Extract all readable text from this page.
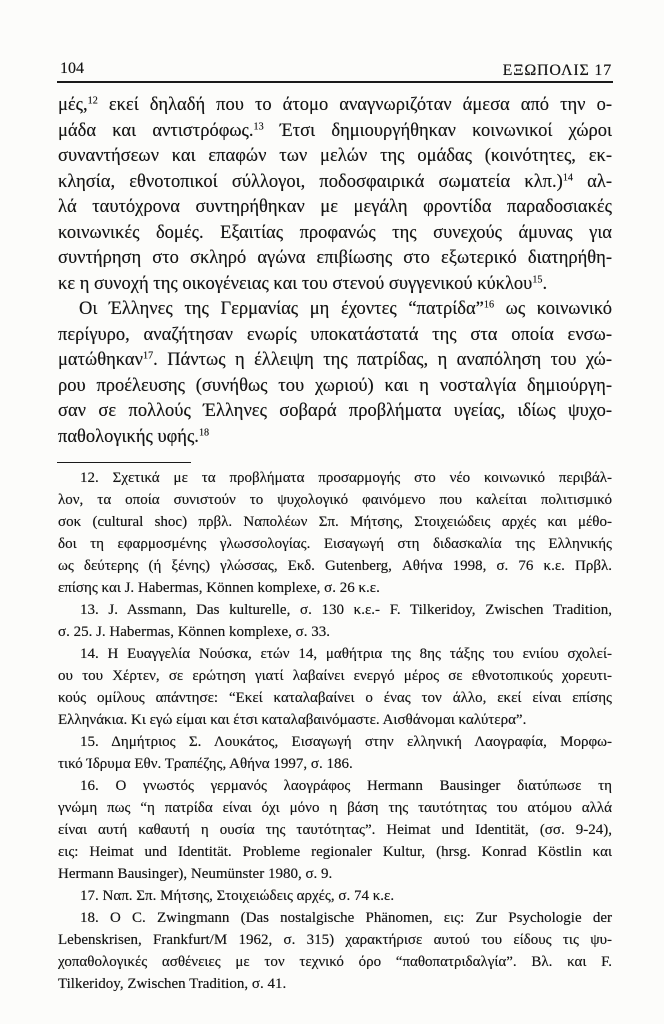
104	ΕΞΩΠΟΛΙΣ 17
μές,$^{12}$ εκεί δηλαδή που το άτομο αναγνωριζόταν άμεσα από την ο-
μάδα και αντιστρόφως.$^{13}$ Έτσι δημιουργήθηκαν κοινωνικοί χώροι
συναντήσεων και επαφών των μελών της ομάδας (κοινότητες, εκ-
κλησία, εθνοτοπικοί σύλλογοι, ποδοσφαιρικά σωματεία κλπ.)$^{14}$ αλ-
λά ταυτόχρονα συντηρήθηκαν με μεγάλη φροντίδα παραδοσιακές
κοινωνικές δομές. Εξαιτίας προφανώς της συνεχούς άμυνας για
συντήρηση στο σκληρό αγώνα επιβίωσης στο εξωτερικό διατηρήθη-
κε η συνοχή της οικογένειας και του στενού συγγενικού κύκλου$^{15}$.
Οι Έλληνες της Γερμανίας μη έχοντες “πατρίδα”$^{16}$ ως κοινωνικό
περίγυρο, αναζήτησαν ενωρίς υποκατάστατά της στα οποία ενσω-
ματώθηκαν$^{17}$. Πάντως η έλλειψη της πατρίδας, η αναπόληση του χώ-
ρου προέλευσης (συνήθως του χωριού) και η νοσταλγία δημιούργη-
σαν σε πολλούς Έλληνες σοβαρά προβλήματα υγείας, ιδίως ψυχο-
παθολογικής υφής.$^{18}$
12. Σχετικά με τα προβλήματα προσαρμογής στο νέο κοινωνικό περιβάλ-
λον, τα οποία συνιστούν το ψυχολογικό φαινόμενο που καλείται πολιτισμικό
σοκ (cultural shoc) πρβλ. Ναπολέων Σπ. Μήτσης, Στοιχειώδεις αρχές και μέθο-
δοι τη εφαρμοσμένης γλωσσολογίας. Εισαγωγή στη διδασκαλία της Ελληνικής
ως δεύτερης (ή ξένης) γλώσσας, Εκδ. Gutenberg, Αθήνα 1998, σ. 76 κ.ε. Πρβλ.
επίσης και J. Habermas, Können komplexe, σ. 26 κ.ε.
13. J. Assmann, Das kulturelle, σ. 130 κ.ε.- F. Tilkeridoy, Zwischen Tradition,
σ. 25. J. Habermas, Können komplexe, σ. 33.
14. Η Ευαγγελία Νούσκα, ετών 14, μαθήτρια της 8ης τάξης του ενιίου σχολεί-
ου του Χέρτεν, σε ερώτηση γιατί λαβαίνει ενεργό μέρος σε εθνοτοπικούς χορευτι-
κούς ομίλους απάντησε: “Εκεί καταλαβαίνει ο ένας τον άλλο, εκεί είναι επίσης
Ελληνάκια. Κι εγώ είμαι και έτσι καταλαβαινόμαστε. Αισθάνομαι καλύτερα”.
15. Δημήτριος Σ. Λουκάτος, Εισαγωγή στην ελληνική Λαογραφία, Μορφω-
τικό Ίδρυμα Εθν. Τραπέζης, Αθήνα 1997, σ. 186.
16. Ο γνωστός γερμανός λαογράφος Hermann Bausinger διατύπωσε τη
γνώμη πως “η πατρίδα είναι όχι μόνο η βάση της ταυτότητας του ατόμου αλλά
είναι αυτή καθαυτή η ουσία της ταυτότητας”. Heimat und Identität, (σσ. 9-24),
εις: Heimat und Identität. Probleme regionaler Kultur, (hrsg. Konrad Köstlin και
Hermann Bausinger), Neumünster 1980, σ. 9.
17. Ναπ. Σπ. Μήτσης, Στοιχειώδεις αρχές, σ. 74 κ.ε.
18. Ο C. Zwingmann (Das nostalgische Phänomen, εις: Zur Psychologie der
Lebenskrisen, Frankfurt/M 1962, σ. 315) χαρακτήρισε αυτού του είδους τις ψυ-
χοπαθολογικές ασθένειες με τον τεχνικό όρο “παθοπατριδαλγία”. Βλ. και F.
Tilkeridoy, Zwischen Tradition, σ. 41.
